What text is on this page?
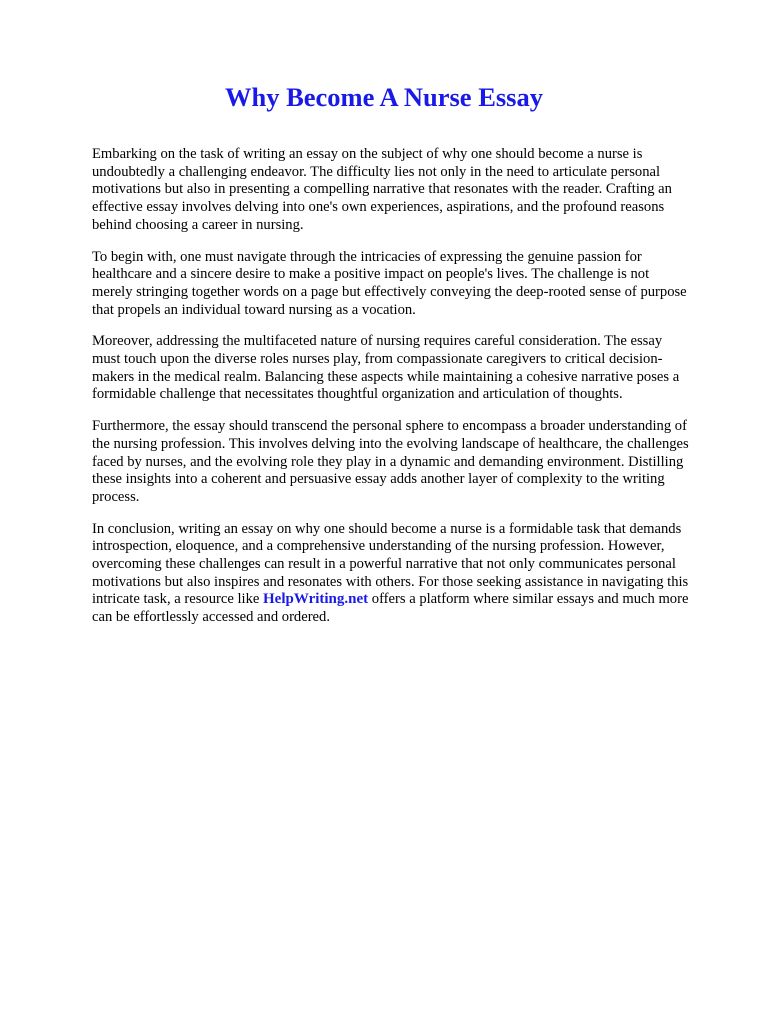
Why Become A Nurse Essay

Embarking on the task of writing an essay on the subject of why one should become a nurse is undoubtedly a challenging endeavor. The difficulty lies not only in the need to articulate personal motivations but also in presenting a compelling narrative that resonates with the reader. Crafting an effective essay involves delving into one's own experiences, aspirations, and the profound reasons behind choosing a career in nursing.

To begin with, one must navigate through the intricacies of expressing the genuine passion for healthcare and a sincere desire to make a positive impact on people's lives. The challenge is not merely stringing together words on a page but effectively conveying the deep-rooted sense of purpose that propels an individual toward nursing as a vocation.

Moreover, addressing the multifaceted nature of nursing requires careful consideration. The essay must touch upon the diverse roles nurses play, from compassionate caregivers to critical decision-makers in the medical realm. Balancing these aspects while maintaining a cohesive narrative poses a formidable challenge that necessitates thoughtful organization and articulation of thoughts.

Furthermore, the essay should transcend the personal sphere to encompass a broader understanding of the nursing profession. This involves delving into the evolving landscape of healthcare, the challenges faced by nurses, and the evolving role they play in a dynamic and demanding environment. Distilling these insights into a coherent and persuasive essay adds another layer of complexity to the writing process.

In conclusion, writing an essay on why one should become a nurse is a formidable task that demands introspection, eloquence, and a comprehensive understanding of the nursing profession. However, overcoming these challenges can result in a powerful narrative that not only communicates personal motivations but also inspires and resonates with others. For those seeking assistance in navigating this intricate task, a resource like HelpWriting.net offers a platform where similar essays and much more can be effortlessly accessed and ordered.
